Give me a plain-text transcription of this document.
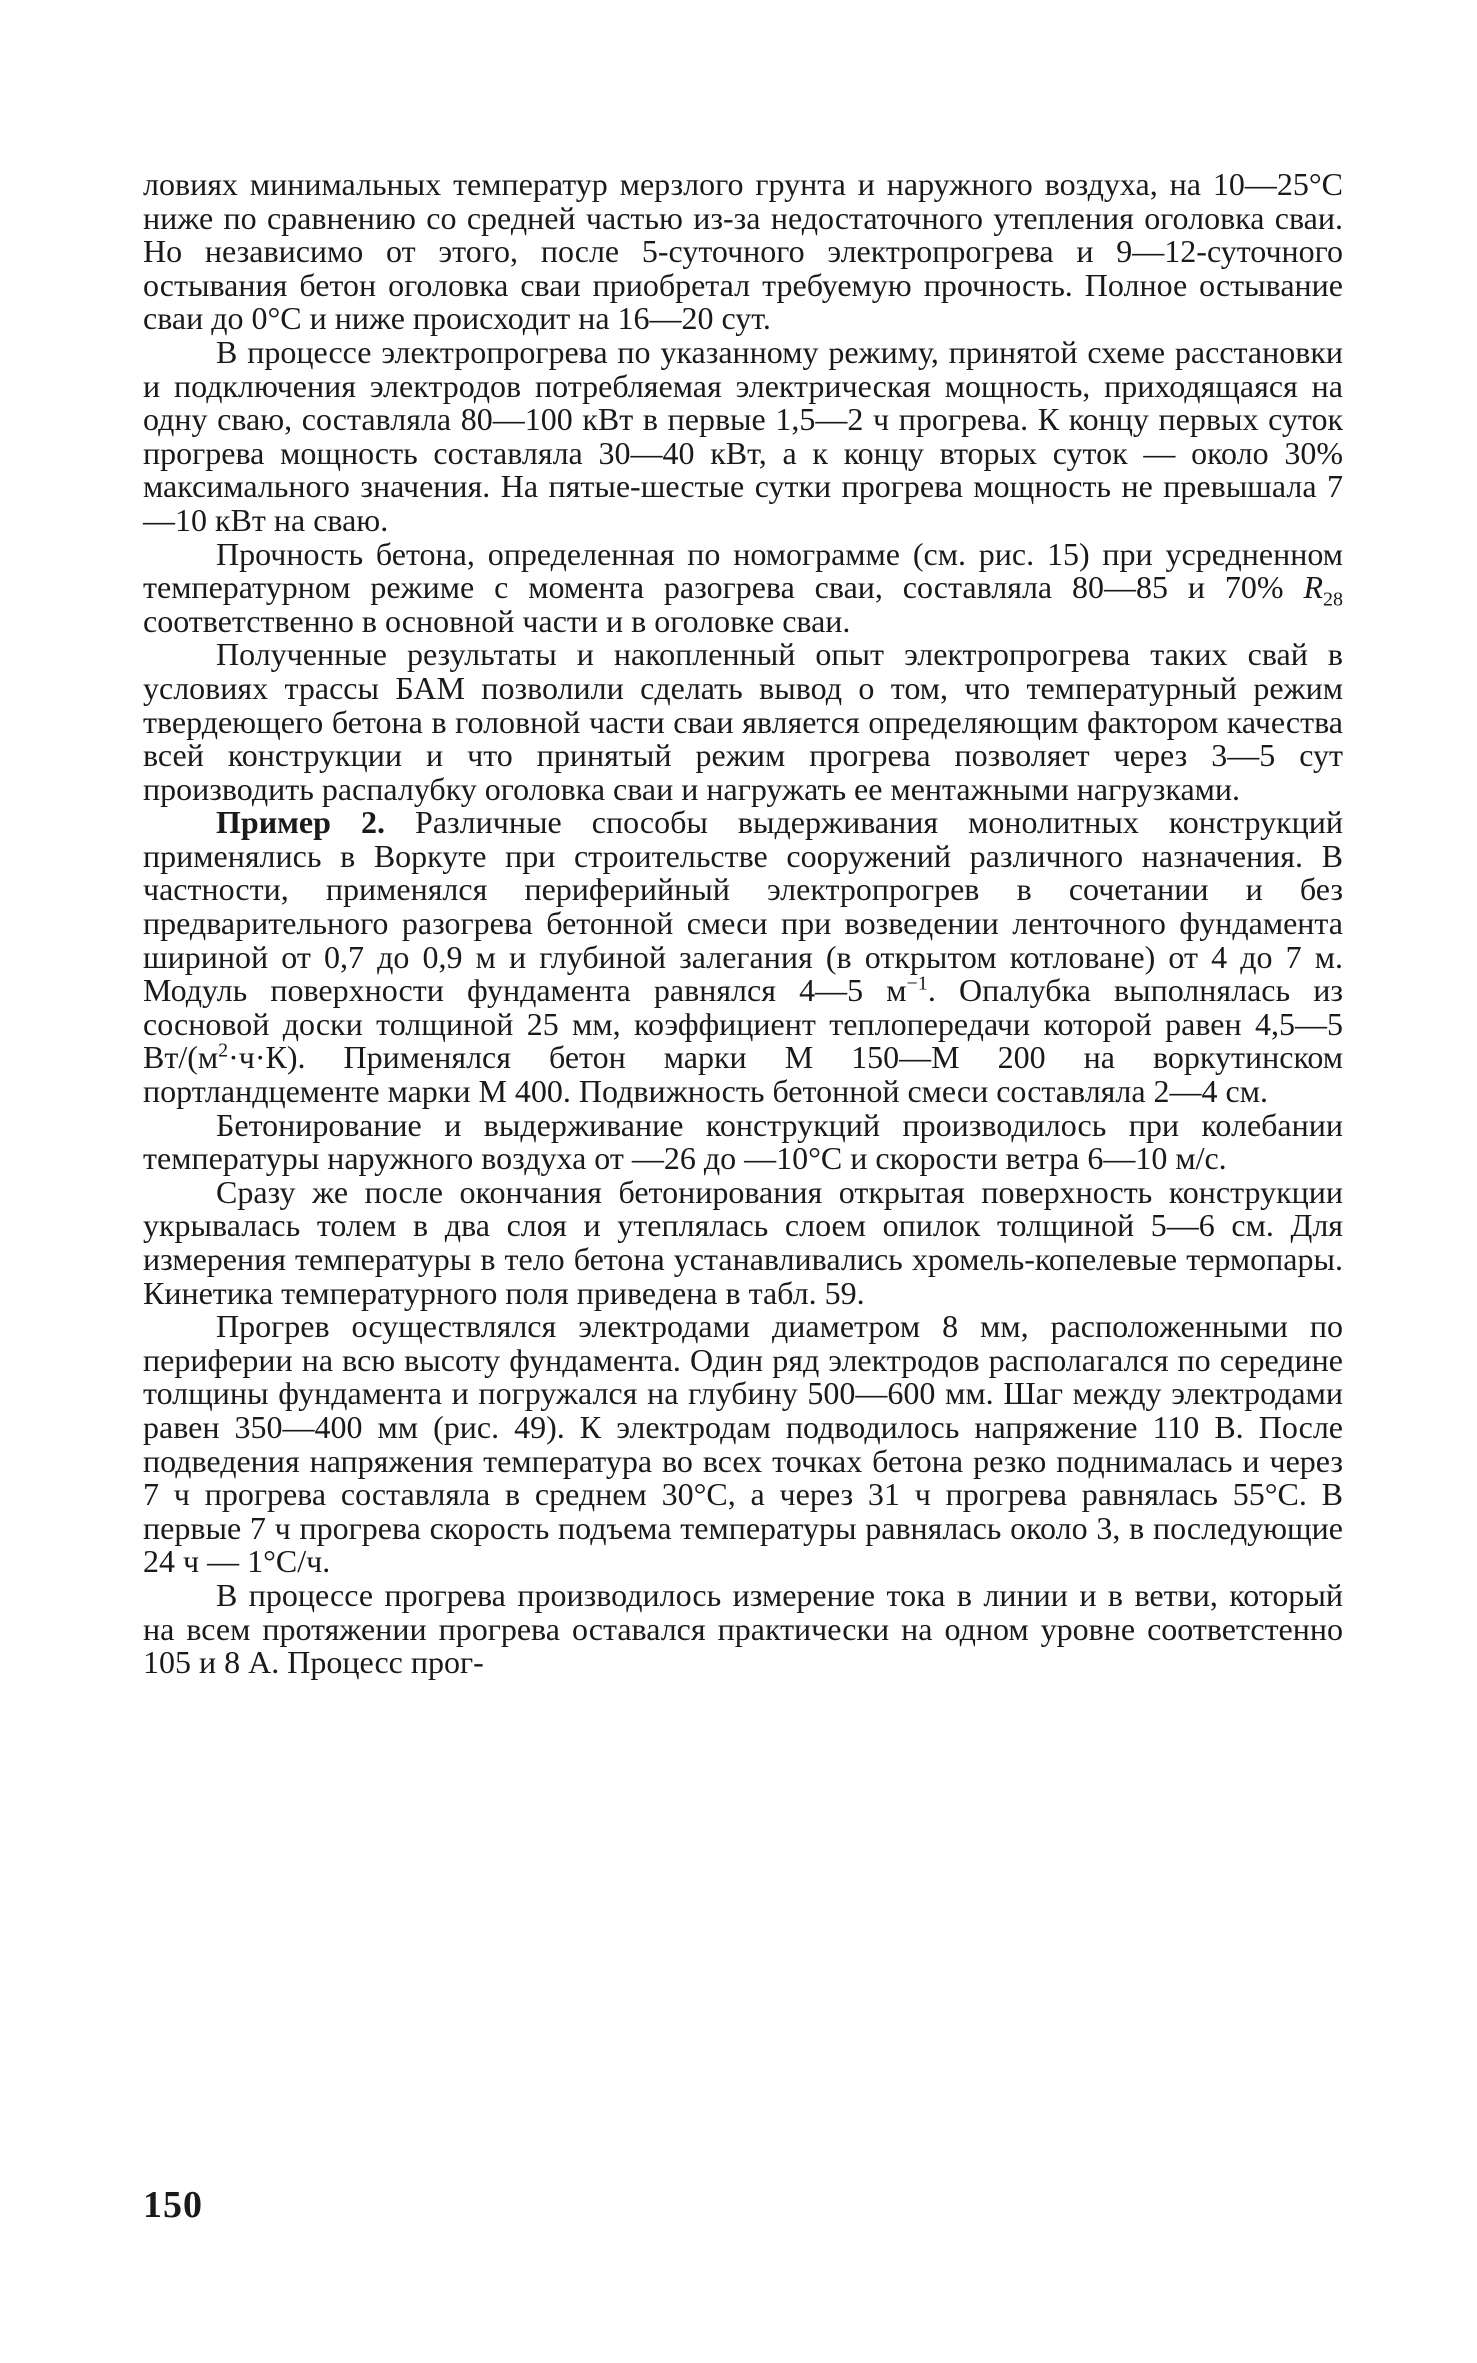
ловиях минимальных температур мерзлого грунта и наружного воздуха, на 10—25°С ниже по сравнению со средней частью из-за недостаточного утепления оголовка сваи. Но независимо от этого, после 5-суточного электропрогрева и 9—12-суточного остывания бетон оголовка сваи приобретал требуемую прочность. Полное остывание сваи до 0°С и ниже происходит на 16—20 сут.

В процессе электропрогрева по указанному режиму, принятой схеме расстановки и подключения электродов потребляемая электрическая мощность, приходящаяся на одну сваю, составляла 80—100 кВт в первые 1,5—2 ч прогрева. К концу первых суток прогрева мощность составляла 30—40 кВт, а к концу вторых суток — около 30% максимального значения. На пятые-шестые сутки прогрева мощность не превышала 7—10 кВт на сваю.

Прочность бетона, определенная по номограмме (см. рис. 15) при усредненном температурном режиме с момента разогрева сваи, составляла 80—85 и 70% $R_{28}$ соответственно в основной части и в оголовке сваи.

Полученные результаты и накопленный опыт электропрогрева таких свай в условиях трассы БАМ позволили сделать вывод о том, что температурный режим твердеющего бетона в головной части сваи является определяющим фактором качества всей конструкции и что принятый режим прогрева позволяет через 3—5 сут производить распалубку оголовка сваи и нагружать ее ментажными нагрузками.

Пример 2. Различные способы выдерживания монолитных конструкций применялись в Воркуте при строительстве сооружений различного назначения. В частности, применялся периферийный электропрогрев в сочетании и без предварительного разогрева бетонной смеси при возведении ленточного фундамента шириной от 0,7 до 0,9 м и глубиной залегания (в открытом котловане) от 4 до 7 м. Модуль поверхности фундамента равнялся 4—5 $м^{-1}$. Опалубка выполнялась из сосновой доски толщиной 25 мм, коэффициент теплопередачи которой равен 4,5—5 $Вт/(м^2\cdot ч\cdot К)$. Применялся бетон марки М 150—М 200 на воркутинском портландцементе марки М 400. Подвижность бетонной смеси составляла 2—4 см.

Бетонирование и выдерживание конструкций производилось при колебании температуры наружного воздуха от —26 до —10°С и скорости ветра 6—10 м/с.

Сразу же после окончания бетонирования открытая поверхность конструкции укрывалась толем в два слоя и утеплялась слоем опилок толщиной 5—6 см. Для измерения температуры в тело бетона устанавливались хромель-копелевые термопары. Кинетика температурного поля приведена в табл. 59.

Прогрев осуществлялся электродами диаметром 8 мм, расположенными по периферии на всю высоту фундамента. Один ряд электродов располагался по середине толщины фундамента и погружался на глубину 500—600 мм. Шаг между электродами равен 350—400 мм (рис. 49). К электродам подводилось напряжение 110 В. После подведения напряжения температура во всех точках бетона резко поднималась и через 7 ч прогрева составляла в среднем 30°С, а через 31 ч прогрева равнялась 55°С. В первые 7 ч прогрева скорость подъема температуры равнялась около 3, в последующие 24 ч — 1°С/ч.

В процессе прогрева производилось измерение тока в линии и в ветви, который на всем протяжении прогрева оставался практически на одном уровне соответстенно 105 и 8 А. Процесс прог-

150
